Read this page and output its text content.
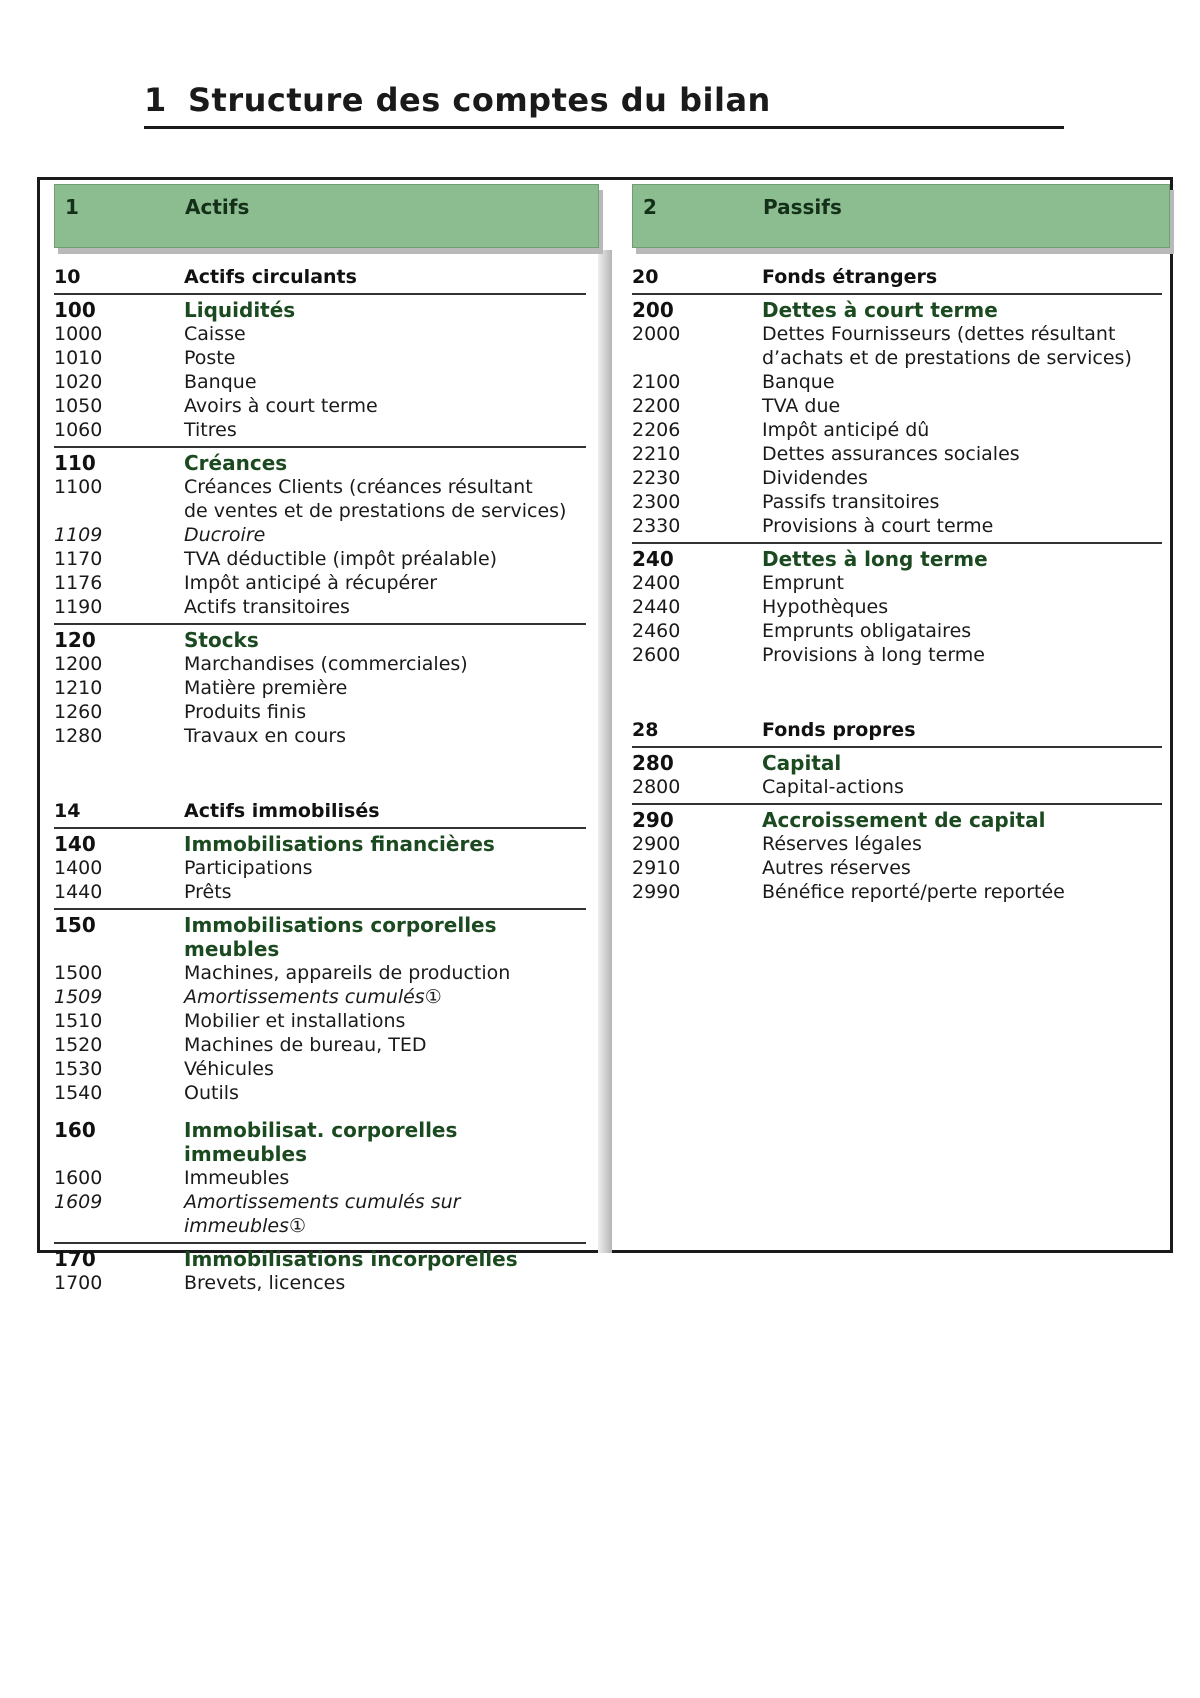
1 Structure des comptes du bilan
1	Actifs
10	Actifs circulants
100	Liquidités
1000	Caisse
1010	Poste
1020	Banque
1050	Avoirs à court terme
1060	Titres
110	Créances
1100	Créances Clients (créances résultant
de ventes et de prestations de services)
1109	Ducroire
1170	TVA déductible (impôt préalable)
1176	Impôt anticipé à récupérer
1190	Actifs transitoires
120	Stocks
1200	Marchandises (commerciales)
1210	Matière première
1260	Produits finis
1280	Travaux en cours
14	Actifs immobilisés
140	Immobilisations financières
1400	Participations
1440	Prêts
150	Immobilisations corporelles meubles
1500	Machines, appareils de production
1509	Amortissements cumulés①
1510	Mobilier et installations
1520	Machines de bureau, TED
1530	Véhicules
1540	Outils
160	Immobilisat. corporelles immeubles
1600	Immeubles
1609	Amortissements cumulés sur immeubles①
170	Immobilisations incorporelles
1700	Brevets, licences
2	Passifs
20	Fonds étrangers
200	Dettes à court terme
2000	Dettes Fournisseurs (dettes résultant
d’achats et de prestations de services)
2100	Banque
2200	TVA due
2206	Impôt anticipé dû
2210	Dettes assurances sociales
2230	Dividendes
2300	Passifs transitoires
2330	Provisions à court terme
240	Dettes à long terme
2400	Emprunt
2440	Hypothèques
2460	Emprunts obligataires
2600	Provisions à long terme
28	Fonds propres
280	Capital
2800	Capital-actions
290	Accroissement de capital
2900	Réserves légales
2910	Autres réserves
2990	Bénéfice reporté/perte reportée
